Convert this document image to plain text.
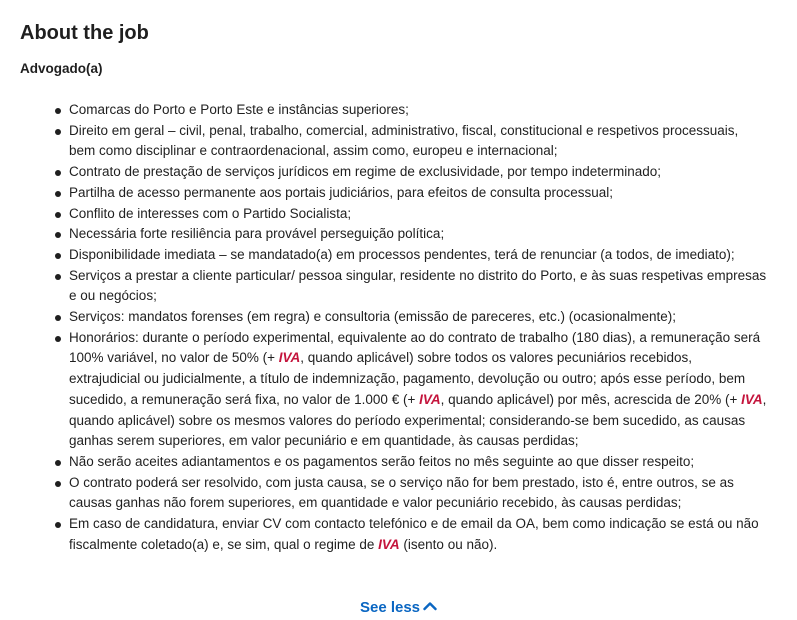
About the job
Advogado(a)
Comarcas do Porto e Porto Este e instâncias superiores;
Direito em geral – civil, penal, trabalho, comercial, administrativo, fiscal, constitucional e respetivos processuais, bem como disciplinar e contraordenacional, assim como, europeu e internacional;
Contrato de prestação de serviços jurídicos em regime de exclusividade, por tempo indeterminado;
Partilha de acesso permanente aos portais judiciários, para efeitos de consulta processual;
Conflito de interesses com o Partido Socialista;
Necessária forte resiliência para provável perseguição política;
Disponibilidade imediata – se mandatado(a) em processos pendentes, terá de renunciar (a todos, de imediato);
Serviços a prestar a cliente particular/ pessoa singular, residente no distrito do Porto, e às suas respetivas empresas e ou negócios;
Serviços: mandatos forenses (em regra) e consultoria (emissão de pareceres, etc.) (ocasionalmente);
Honorários: durante o período experimental, equivalente ao do contrato de trabalho (180 dias), a remuneração será 100% variável, no valor de 50% (+ IVA, quando aplicável) sobre todos os valores pecuniários recebidos, extrajudicial ou judicialmente, a título de indemnização, pagamento, devolução ou outro; após esse período, bem sucedido, a remuneração será fixa, no valor de 1.000 € (+ IVA, quando aplicável) por mês, acrescida de 20% (+ IVA, quando aplicável) sobre os mesmos valores do período experimental; considerando-se bem sucedido, as causas ganhas serem superiores, em valor pecuniário e em quantidade, às causas perdidas;
Não serão aceites adiantamentos e os pagamentos serão feitos no mês seguinte ao que disser respeito;
O contrato poderá ser resolvido, com justa causa, se o serviço não for bem prestado, isto é, entre outros, se as causas ganhas não forem superiores, em quantidade e valor pecuniário recebido, às causas perdidas;
Em caso de candidatura, enviar CV com contacto telefónico e de email da OA, bem como indicação se está ou não fiscalmente coletado(a) e, se sim, qual o regime de IVA (isento ou não).
See less
